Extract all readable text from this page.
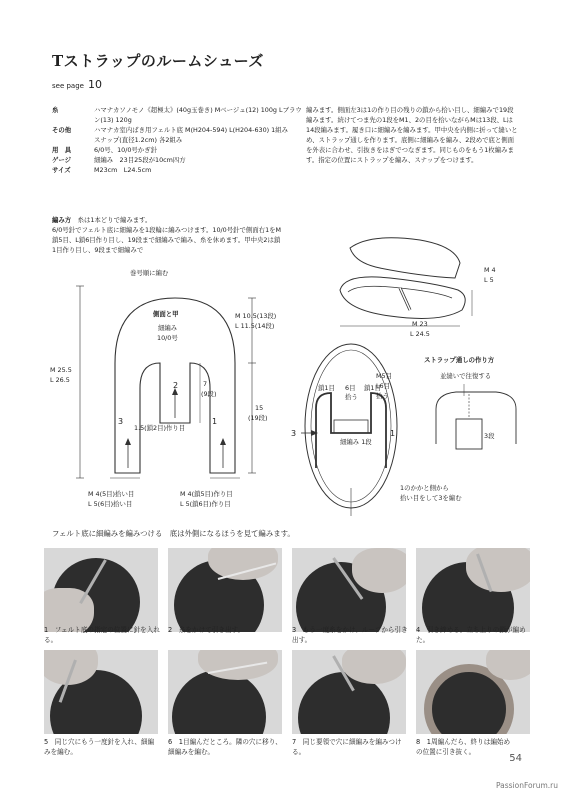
Tストラップのルームシューズ
see page 10
糸	ハマナカソノモノ《超極太》(40g玉巻き) Mベージュ(12) 100g Lブラウン(13) 120g
その他	ハマナカ室内ばき用フェルト底 M(H204-594) L(H204-630) 1組み
スナップ(直径1.2cm) 各2組み
用　具	6/0号、10/0号かぎ針
ゲージ	細編み　23目25段が10cm四方
サイズ	M23cm　L24.5cm
編み方　 糸は1本どりで編みます。
6/0号針でフェルト底に細編みを1段輪に編みつけます。10/0号針で側面右1をM鎖5目、L鎖6目作り目し、19段まで細編みで編み、糸を休めます。甲中央2は鎖1目作り目し、9段まで細編みで
編みます。側面左3は1の作り目の残りの鎖から拾い目し、細編みで19段編みます。続けてつま先の1段をM1、2の目を拾いながらMは13段、Lは14段編みます。履き口に細編みを編みます。甲中央を内側に折って縫いとめ、ストラップ通しを作ります。底側に細編みを編み、2段めで底と側面を外表に合わせ、引抜きをはぎでつなぎます。同じものをもう1枚編みます。指定の位置にストラップを編み、スナップをつけます。
巻号順に編む
側面と甲
細編み
10/0号
M 25.5
L 26.5
M 10.5(13段)
L 11.5(14段)
15
(19段)
7
(9段)
1.5(鎖2目)作り目
1
2
3
M 4(5目)拾い目
L 5(6目)拾い目
M 4(鎖5目)作り目
L 5(鎖6目)作り目
M 4
L 5
M 23
L 24.5
鎖1目 6目
拾う
鎖1目
M5目
L6目
拾う
3	1
細編み 1段
1のかかと側から
拾い目をして3を編む
ストラップ通しの作り方
並縫いで往復する
3段
フェルト底に細編みを編みつける　底は外側になるほうを見て編みます。
1　 フェルト底の指定の位置に針を入れる。
2　 糸をかけて引き出す。	3　 もう一度糸をかけ、ループから引き出す。
4　 引き締める。立ち上りの鎖が編めた。
5　 同じ穴にもう一度針を入れ、細編みを編む。
6　 1目編んだところ。隣の穴に移り、細編みを編む。
7　 同じ要領で穴に細編みを編みつける。
8　 1周編んだら、終りは編始めの位置に引き抜く。
54
PassionForum.ru
